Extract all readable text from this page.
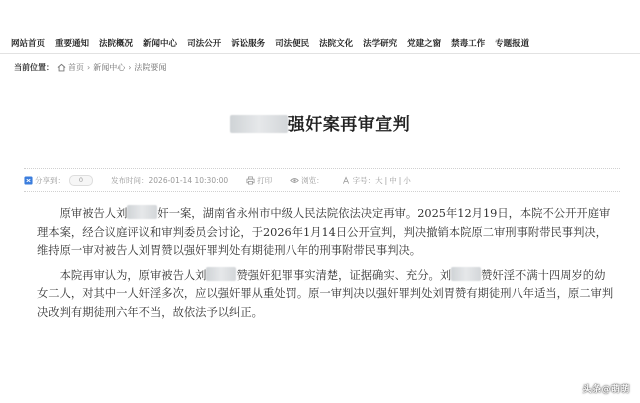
网站首页 重要通知 法院概况 新闻中心 司法公开 诉讼服务 司法便民 法院文化 法学研究 党建之窗 禁毒工作 专题报道
当前位置： 首页 › 新闻中心 › 法院要闻
强奸案再审宣判
分享到：	0	发布时间： 2026-01-14 10:30:00	打印	浏览：	字号： 大 | 中 | 小

原审被告人刘	奸一案，湖南省永州市中级人民法院依法决定再审。2025年12月19日，本院不公开开庭审理本案，经合议庭评议和审判委员会讨论，于2026年1月14日公开宣判，判决撤销本院原二审刑事附带民事判决，维持原一审对被告人刘胃赞以强奸罪判处有期徒刑八年的刑事附带民事判决。

本院再审认为，原审被告人刘	赞强奸犯罪事实清楚，证据确实、充分。刘	赞奸淫不满十四周岁的幼女二人，对其中一人奸淫多次，应以强奸罪从重处罚。原一审判决以强奸罪判处刘胃赞有期徒刑八年适当，原二审判决改判有期徒刑六年不当，故依法予以纠正。

头条@萌萌
